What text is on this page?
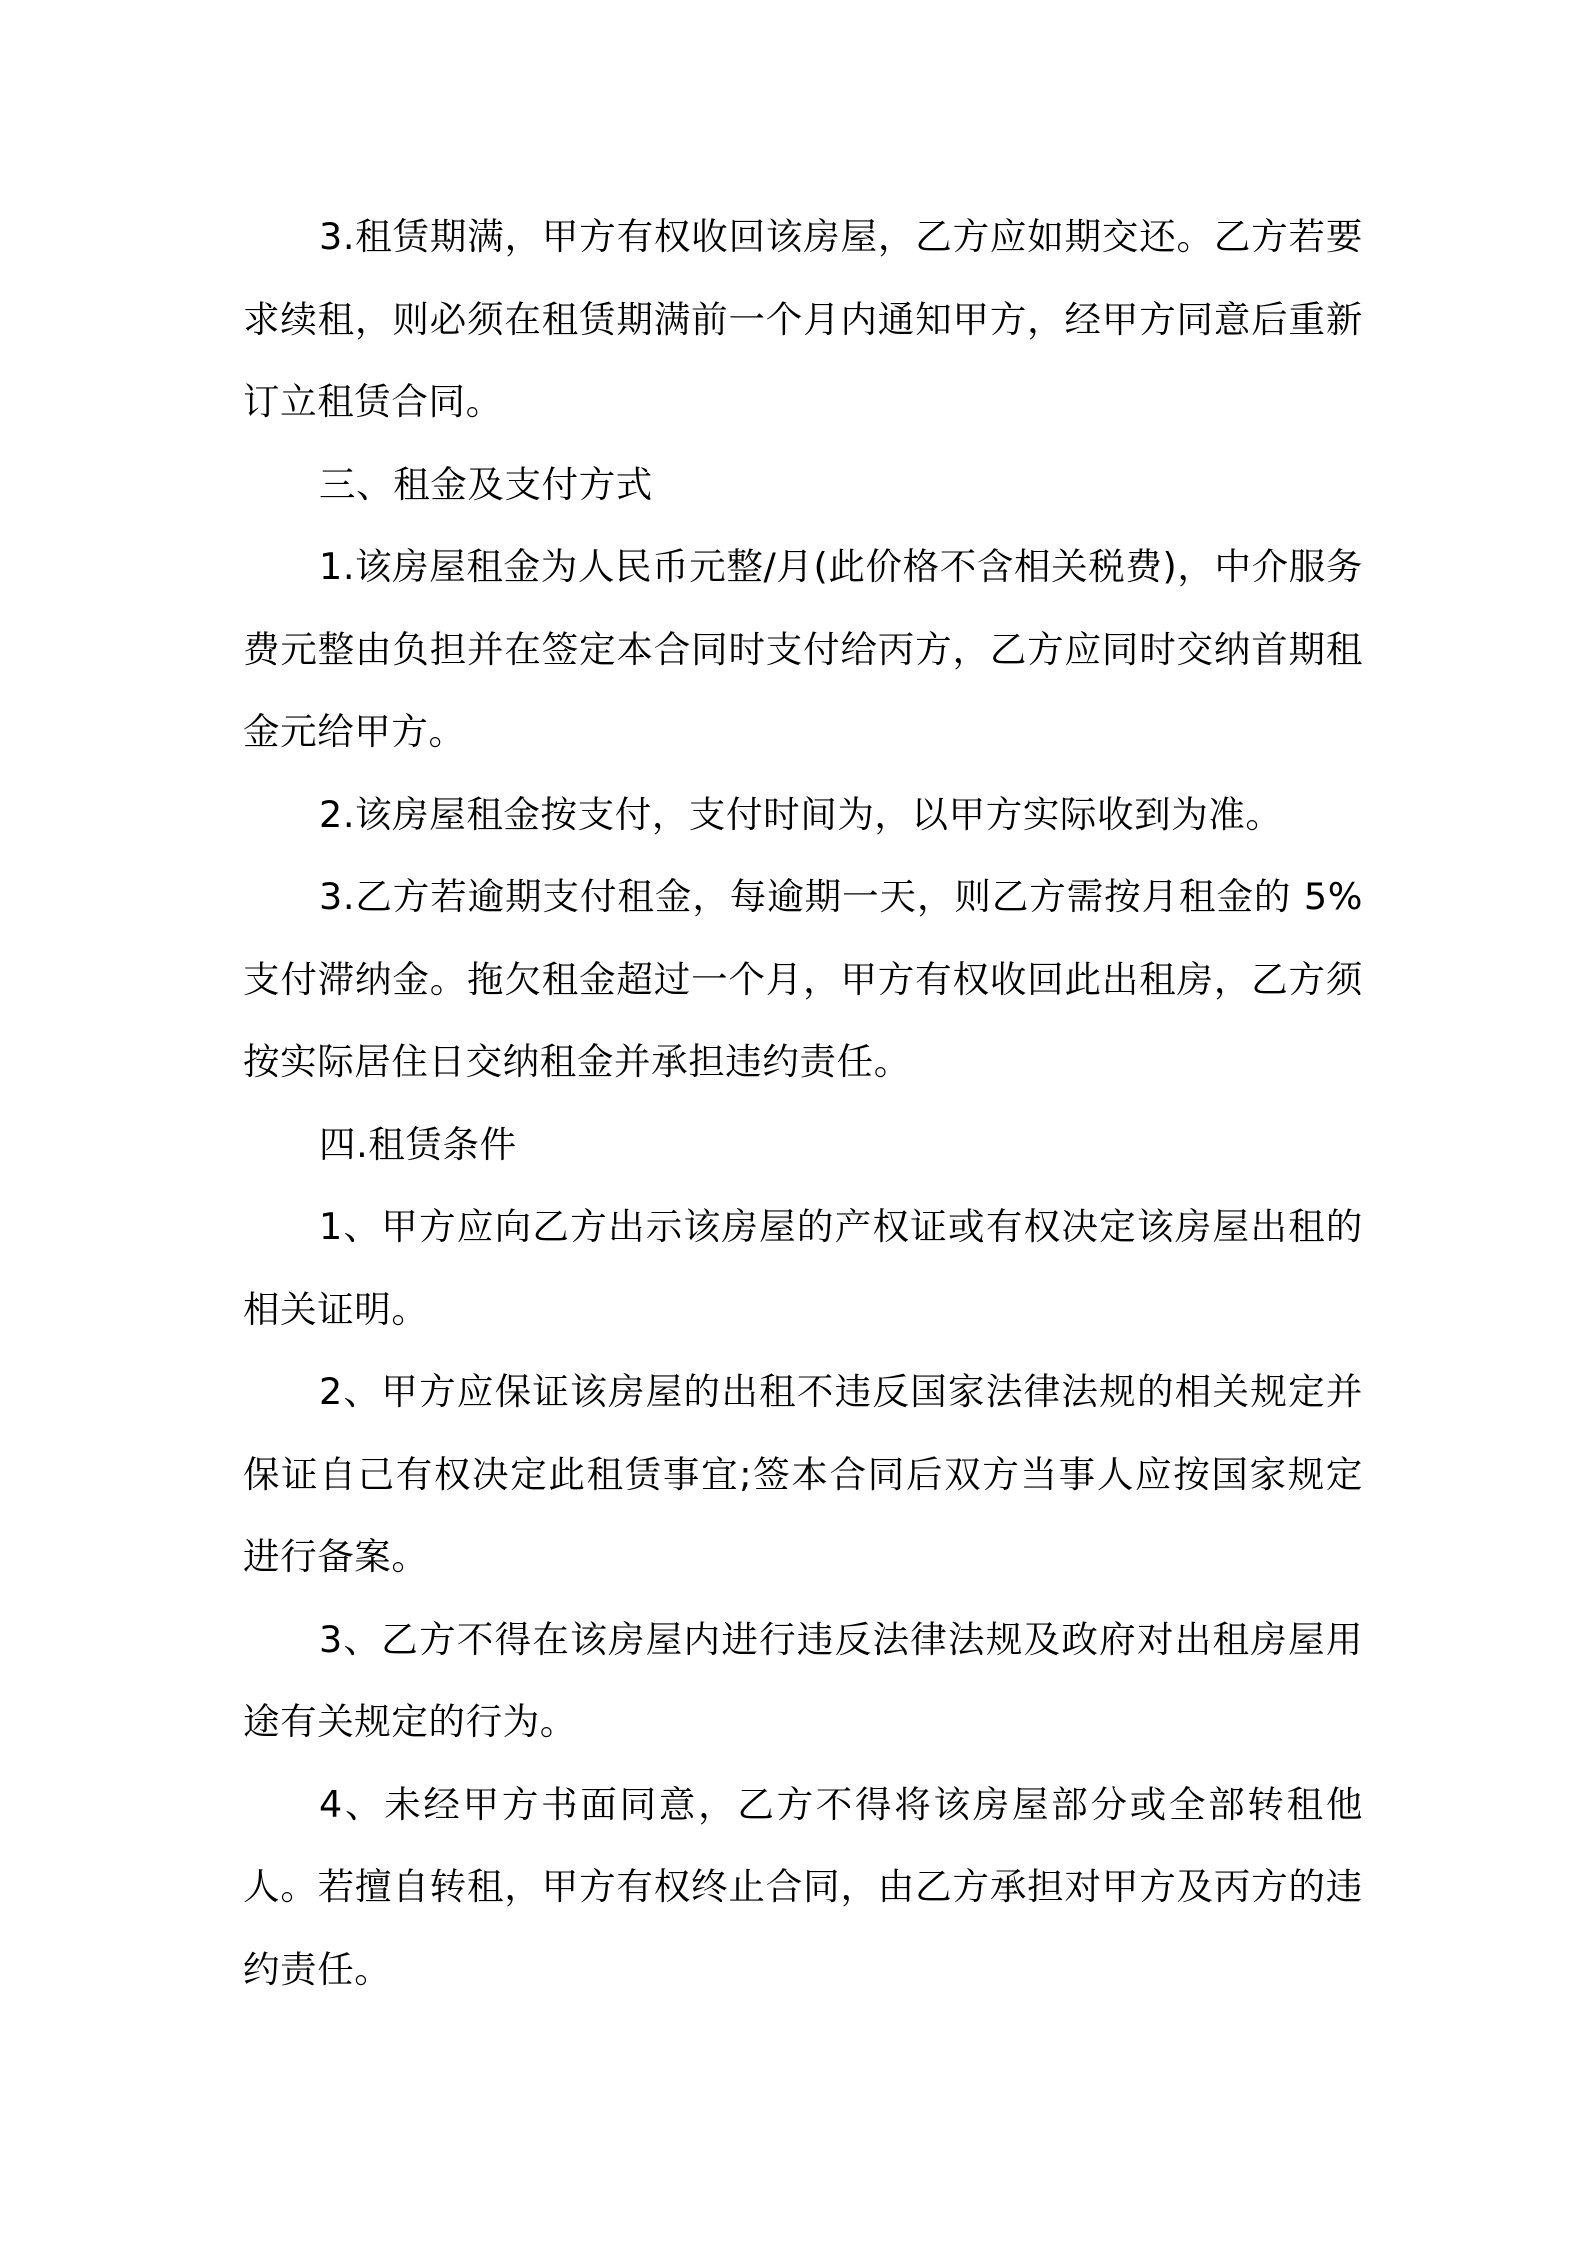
3.租赁期满，甲方有权收回该房屋，乙方应如期交还。乙方若要求续租，则必须在租赁期满前一个月内通知甲方，经甲方同意后重新订立租赁合同。

三、租金及支付方式

1.该房屋租金为人民币元整/月(此价格不含相关税费)，中介服务费元整由负担并在签定本合同时支付给丙方，乙方应同时交纳首期租金元给甲方。

2.该房屋租金按支付，支付时间为，以甲方实际收到为准。

3.乙方若逾期支付租金，每逾期一天，则乙方需按月租金的 5%支付滞纳金。拖欠租金超过一个月，甲方有权收回此出租房，乙方须按实际居住日交纳租金并承担违约责任。

四.租赁条件

1、甲方应向乙方出示该房屋的产权证或有权决定该房屋出租的相关证明。

2、甲方应保证该房屋的出租不违反国家法律法规的相关规定并保证自己有权决定此租赁事宜;签本合同后双方当事人应按国家规定进行备案。

3、乙方不得在该房屋内进行违反法律法规及政府对出租房屋用途有关规定的行为。

4、未经甲方书面同意，乙方不得将该房屋部分或全部转租他人。若擅自转租，甲方有权终止合同，由乙方承担对甲方及丙方的违约责任。
